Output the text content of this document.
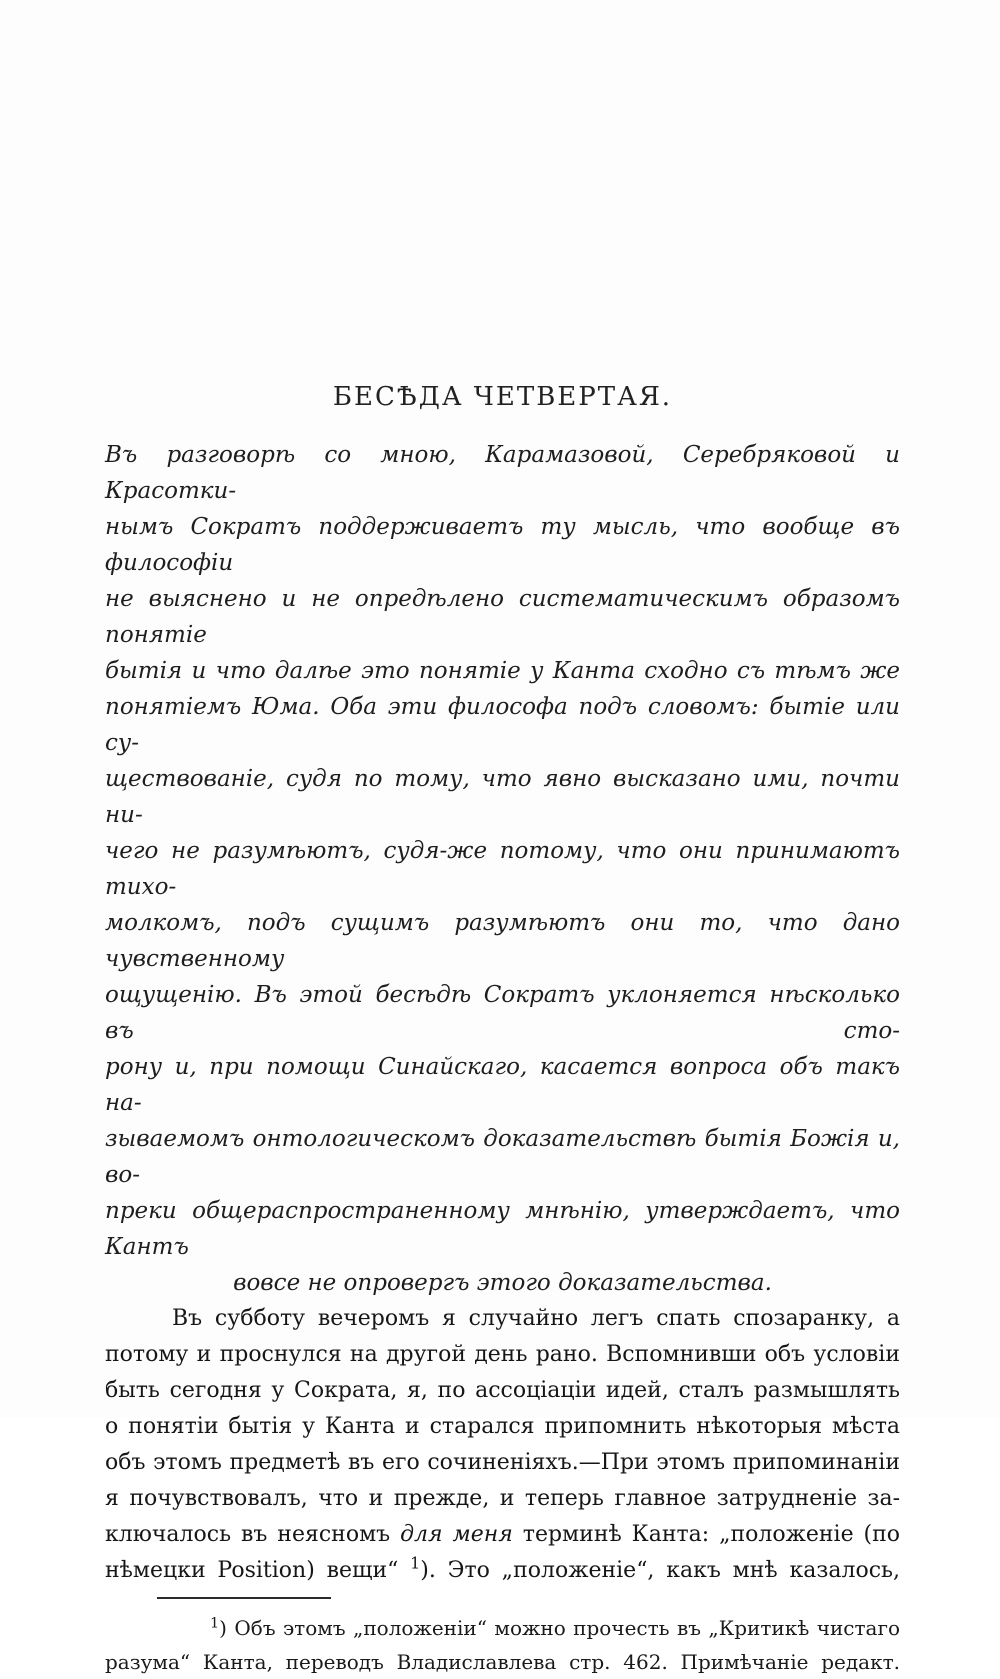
БЕСѢДА ЧЕТВЕРТАЯ.
Въ разговорѣ со мною, Карамазовой, Серебряковой и Красотки-
нымъ Сократъ поддерживаетъ ту мысль, что вообще въ философіи
не выяснено и не опредѣлено систематическимъ образомъ понятіе
бытія и что далѣе это понятіе у Канта сходно съ тѣмъ же
понятіемъ Юма. Оба эти философа подъ словомъ: бытіе или су-
ществованіе, судя по тому, что явно высказано ими, почти ни-
чего не разумѣютъ, судя-же потому, что они принимаютъ тихо-
молкомъ, подъ сущимъ разумѣютъ они то, что дано чувственному
ощущенію. Въ этой бесѣдѣ Сократъ уклоняется нѣсколько въ сто-
рону и, при помощи Синайскаго, касается вопроса объ такъ на-
зываемомъ онтологическомъ доказательствѣ бытія Божія и, во-
преки общераспространенному мнѣнію, утверждаетъ, что Кантъ
вовсе не опровергъ этого доказательства.
Въ субботу вечеромъ я случайно легъ спать спозаранку, а
потому и проснулся на другой день рано. Вспомнивши объ условіи
быть сегодня у Сократа, я, по ассоціаціи идей, сталъ размышлять
о понятіи бытія у Канта и старался припомнить нѣкоторыя мѣста
объ этомъ предметѣ въ его сочиненіяхъ.—При этомъ припоминаніи
я почувствовалъ, что и прежде, и теперь главное затрудненіе за-
ключалось въ неясномъ для меня терминѣ Канта: „положеніе (по
нѣмецки Position) вещи“ $^1$). Это „положеніе“, какъ мнѣ казалось,
$^1$) Объ этомъ „положеніи“ можно прочесть въ „Критикѣ чистаго
разума“ Канта, переводъ Владиславлева стр. 462. Примѣчаніе редакт.
